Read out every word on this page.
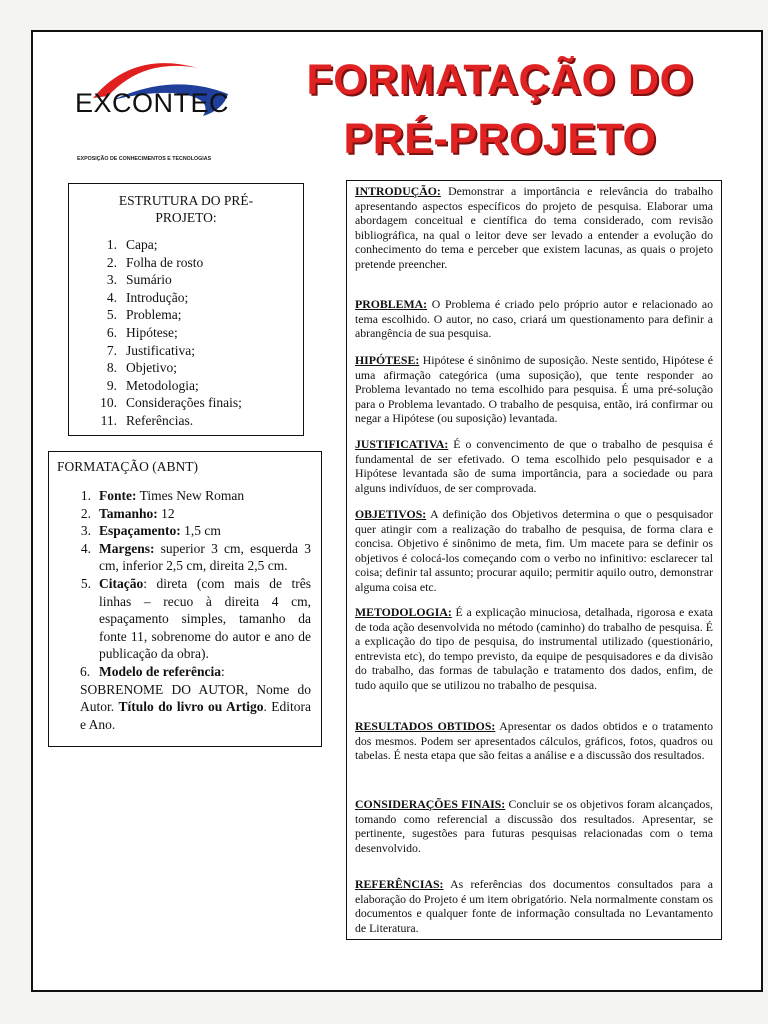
EXCONTEC
EXPOSIÇÃO DE CONHECIMENTOS E TECNOLOGIAS
FORMATAÇÃO DO
PRÉ-PROJETO
ESTRUTURA DO PRÉ-PROJETO:
1. Capa;
2. Folha de rosto
3. Sumário
4. Introdução;
5. Problema;
6. Hipótese;
7. Justificativa;
8. Objetivo;
9. Metodologia;
10. Considerações finais;
11. Referências.
FORMATAÇÃO (ABNT)
1. Fonte: Times New Roman
2. Tamanho: 12
3. Espaçamento: 1,5 cm
4. Margens: superior 3 cm, esquerda 3 cm, inferior 2,5 cm, direita 2,5 cm.
5. Citação: direta (com mais de três linhas – recuo à direita 4 cm, espaçamento simples, tamanho da fonte 11, sobrenome do autor e ano de publicação da obra).
6. Modelo de referência:
SOBRENOME DO AUTOR, Nome do Autor. Título do livro ou Artigo. Editora e Ano.

INTRODUÇÃO: Demonstrar a importância e relevância do trabalho apresentando aspectos específicos do projeto de pesquisa. Elaborar uma abordagem conceitual e científica do tema considerado, com revisão bibliográfica, na qual o leitor deve ser levado a entender a evolução do conhecimento do tema e perceber que existem lacunas, as quais o projeto pretende preencher.

PROBLEMA: O Problema é criado pelo próprio autor e relacionado ao tema escolhido. O autor, no caso, criará um questionamento para definir a abrangência de sua pesquisa.

HIPÓTESE: Hipótese é sinônimo de suposição. Neste sentido, Hipótese é uma afirmação categórica (uma suposição), que tente responder ao Problema levantado no tema escolhido para pesquisa. É uma pré-solução para o Problema levantado. O trabalho de pesquisa, então, irá confirmar ou negar a Hipótese (ou suposição) levantada.

JUSTIFICATIVA: É o convencimento de que o trabalho de pesquisa é fundamental de ser efetivado. O tema escolhido pelo pesquisador e a Hipótese levantada são de suma importância, para a sociedade ou para alguns indivíduos, de ser comprovada.

OBJETIVOS: A definição dos Objetivos determina o que o pesquisador quer atingir com a realização do trabalho de pesquisa, de forma clara e concisa. Objetivo é sinônimo de meta, fim. Um macete para se definir os objetivos é colocá-los começando com o verbo no infinitivo: esclarecer tal coisa; definir tal assunto; procurar aquilo; permitir aquilo outro, demonstrar alguma coisa etc.

METODOLOGIA: É a explicação minuciosa, detalhada, rigorosa e exata de toda ação desenvolvida no método (caminho) do trabalho de pesquisa. É a explicação do tipo de pesquisa, do instrumental utilizado (questionário, entrevista etc), do tempo previsto, da equipe de pesquisadores e da divisão do trabalho, das formas de tabulação e tratamento dos dados, enfim, de tudo aquilo que se utilizou no trabalho de pesquisa.

RESULTADOS OBTIDOS: Apresentar os dados obtidos e o tratamento dos mesmos. Podem ser apresentados cálculos, gráficos, fotos, quadros ou tabelas. É nesta etapa que são feitas a análise e a discussão dos resultados.

CONSIDERAÇÕES FINAIS: Concluir se os objetivos foram alcançados, tomando como referencial a discussão dos resultados. Apresentar, se pertinente, sugestões para futuras pesquisas relacionadas com o tema desenvolvido.

REFERÊNCIAS: As referências dos documentos consultados para a elaboração do Projeto é um item obrigatório. Nela normalmente constam os documentos e qualquer fonte de informação consultada no Levantamento de Literatura.
